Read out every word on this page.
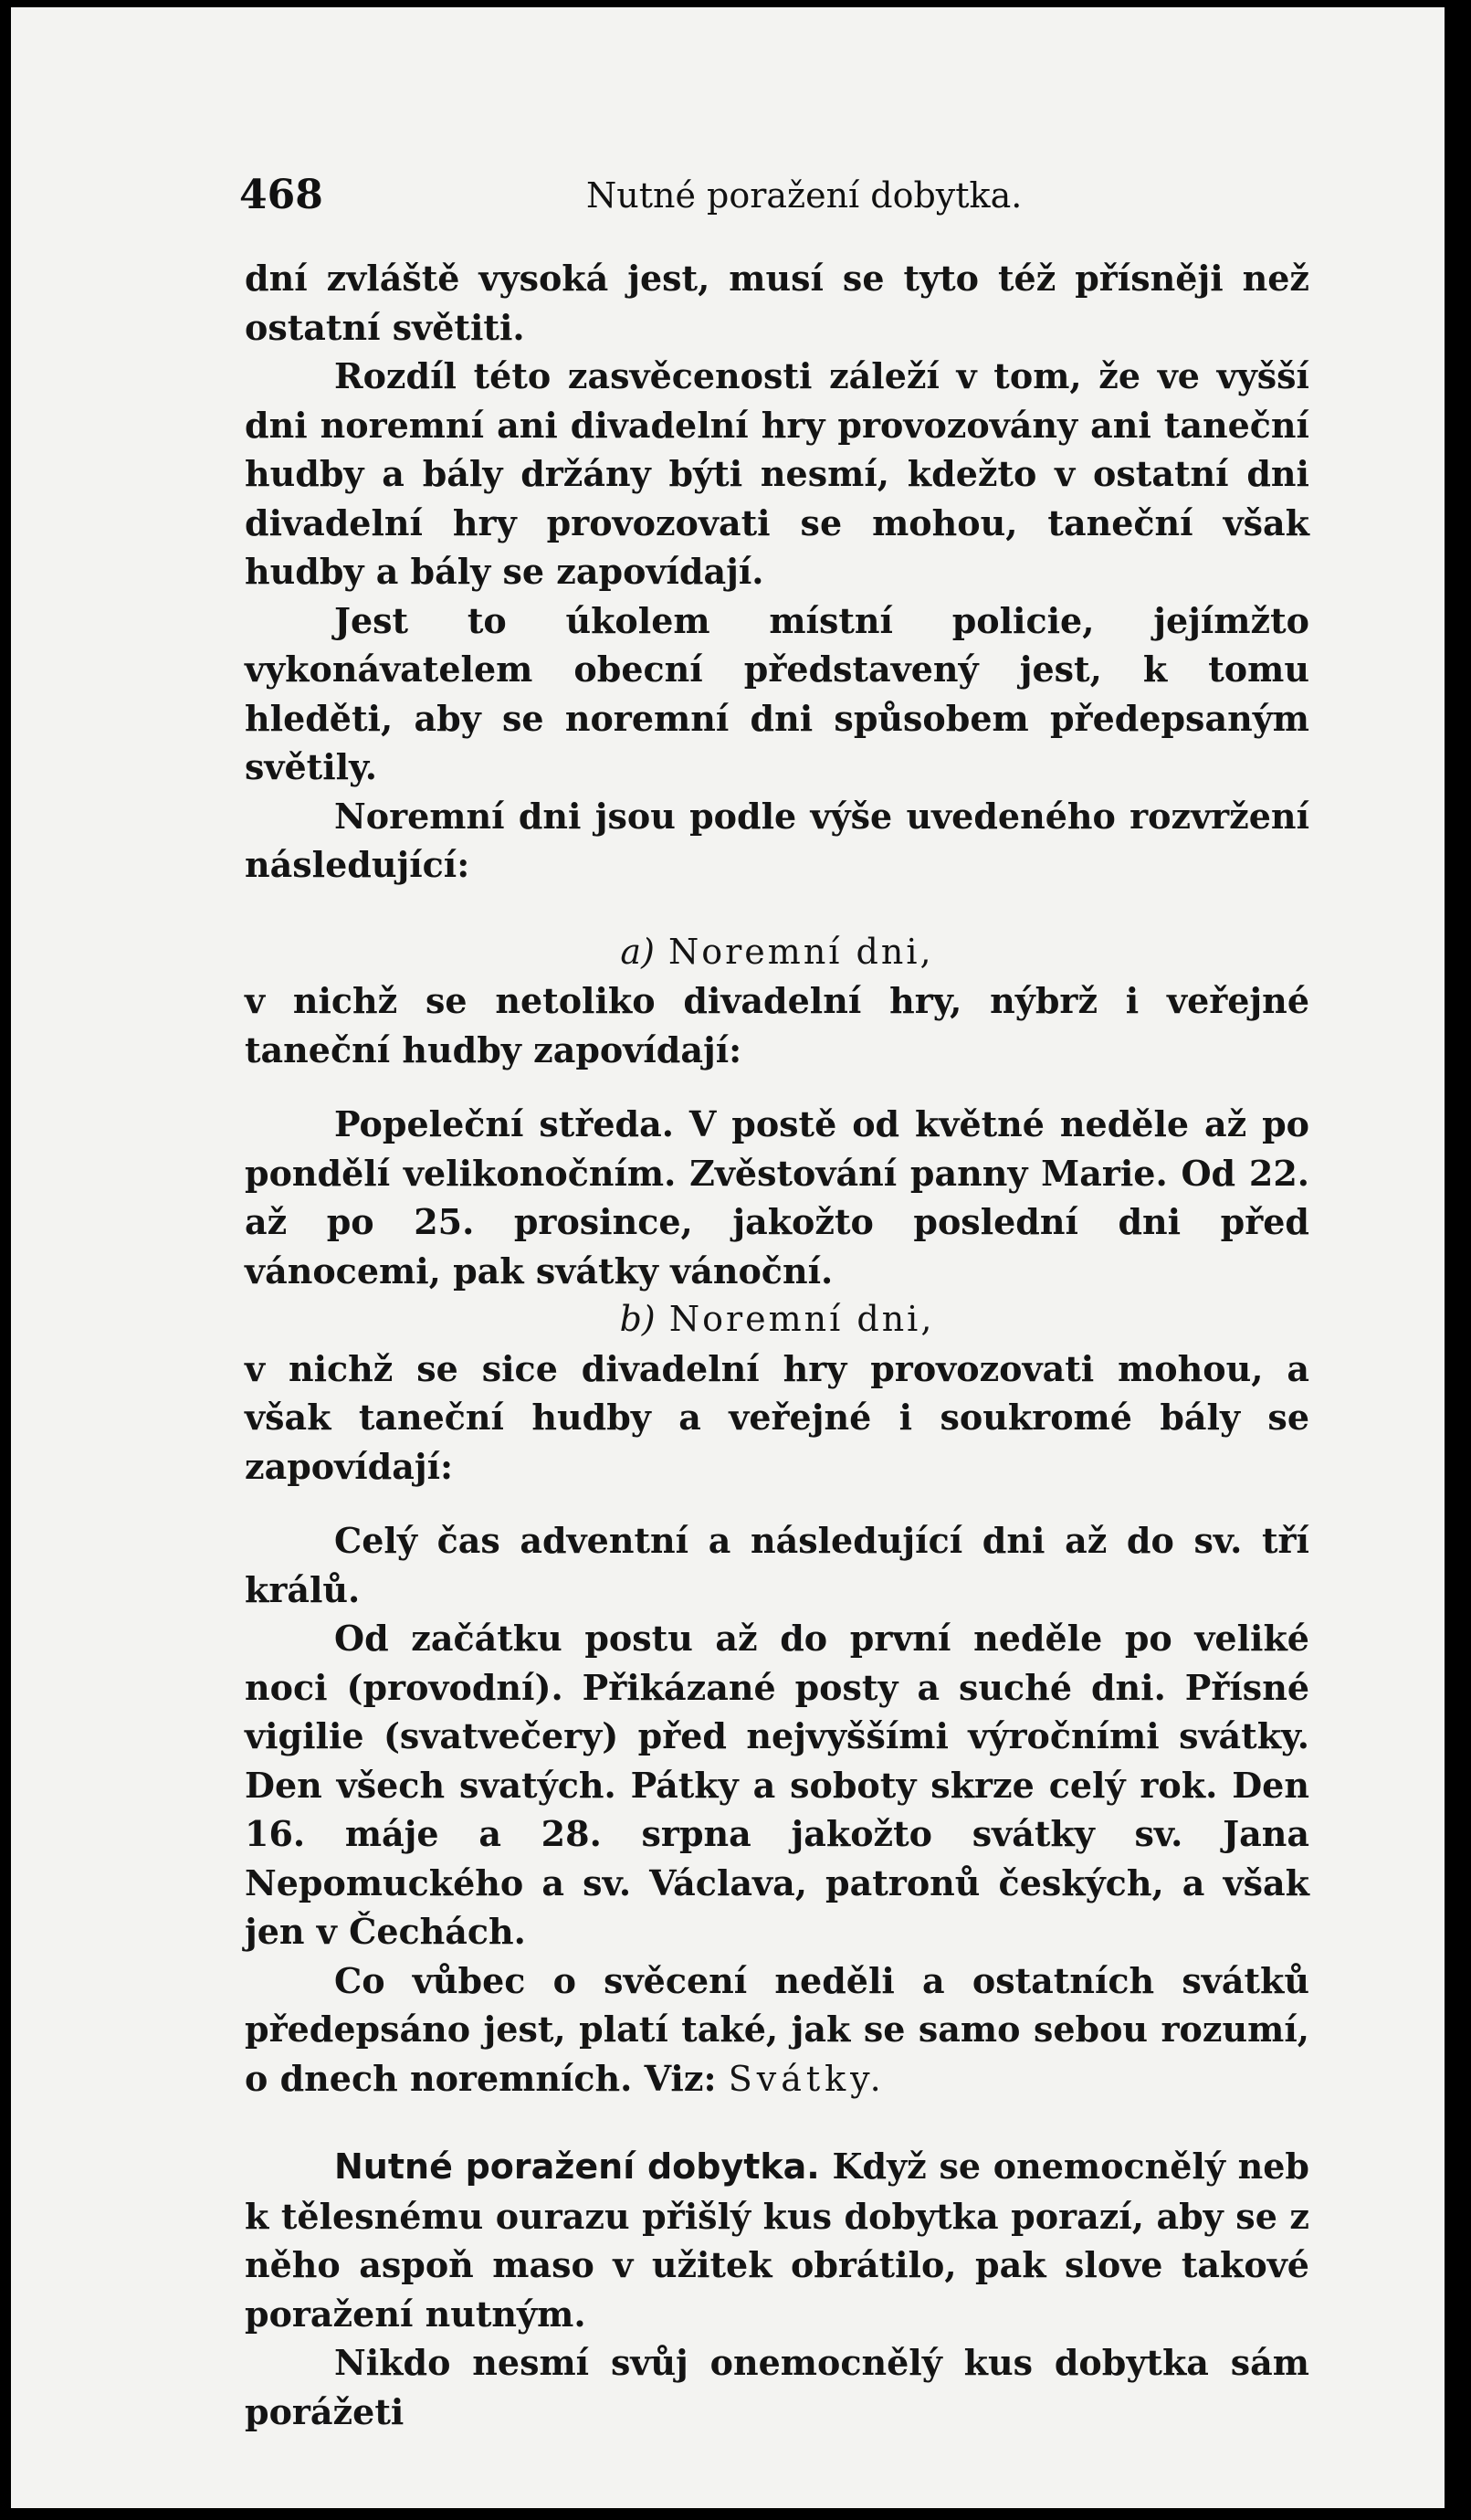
468	Nutné poražení dobytka.

dní zvláště vysoká jest, musí se tyto též přísněji než ostatní světiti.

Rozdíl této zasvěcenosti záleží v tom, že ve vyšší dni noremní ani divadelní hry provozovány ani taneční hudby a bály držány býti nesmí, kdežto v ostatní dni divadelní hry provozovati se mohou, taneční však hudby a bály se zapovídají.

Jest to úkolem místní policie, jejímžto vykonávatelem obecní představený jest, k tomu hleděti, aby se noremní dni spůsobem předepsaným světily.

Noremní dni jsou podle výše uvedeného rozvržení následující:

a) Noremní dni,

v nichž se netoliko divadelní hry, nýbrž i veřejné taneční hudby zapovídají:

Popeleční středa. V postě od květné neděle až po pondělí velikonočním. Zvěstování panny Marie. Od 22. až po 25. prosince, jakožto poslední dni před vánocemi, pak svátky vánoční.

b) Noremní dni,

v nichž se sice divadelní hry provozovati mohou, a však taneční hudby a veřejné i soukromé bály se zapovídají:

Celý čas adventní a následující dni až do sv. tří králů.

Od začátku postu až do první neděle po veliké noci (provodní). Přikázané posty a suché dni. Přísné vigilie (svatvečery) před nejvyššími výročními svátky. Den všech svatých. Pátky a soboty skrze celý rok. Den 16. máje a 28. srpna jakožto svátky sv. Jana Nepomuckého a sv. Václava, patronů českých, a však jen v Čechách.

Co vůbec o svěcení neděli a ostatních svátků předepsáno jest, platí také, jak se samo sebou rozumí, o dnech noremních. Viz: Svátky.

Nutné poražení dobytka. Když se onemocnělý neb k tělesnému ourazu přišlý kus dobytka porazí, aby se z něho aspoň maso v užitek obrátilo, pak slove takové poražení nutným.

Nikdo nesmí svůj onemocnělý kus dobytka sám porážeti
